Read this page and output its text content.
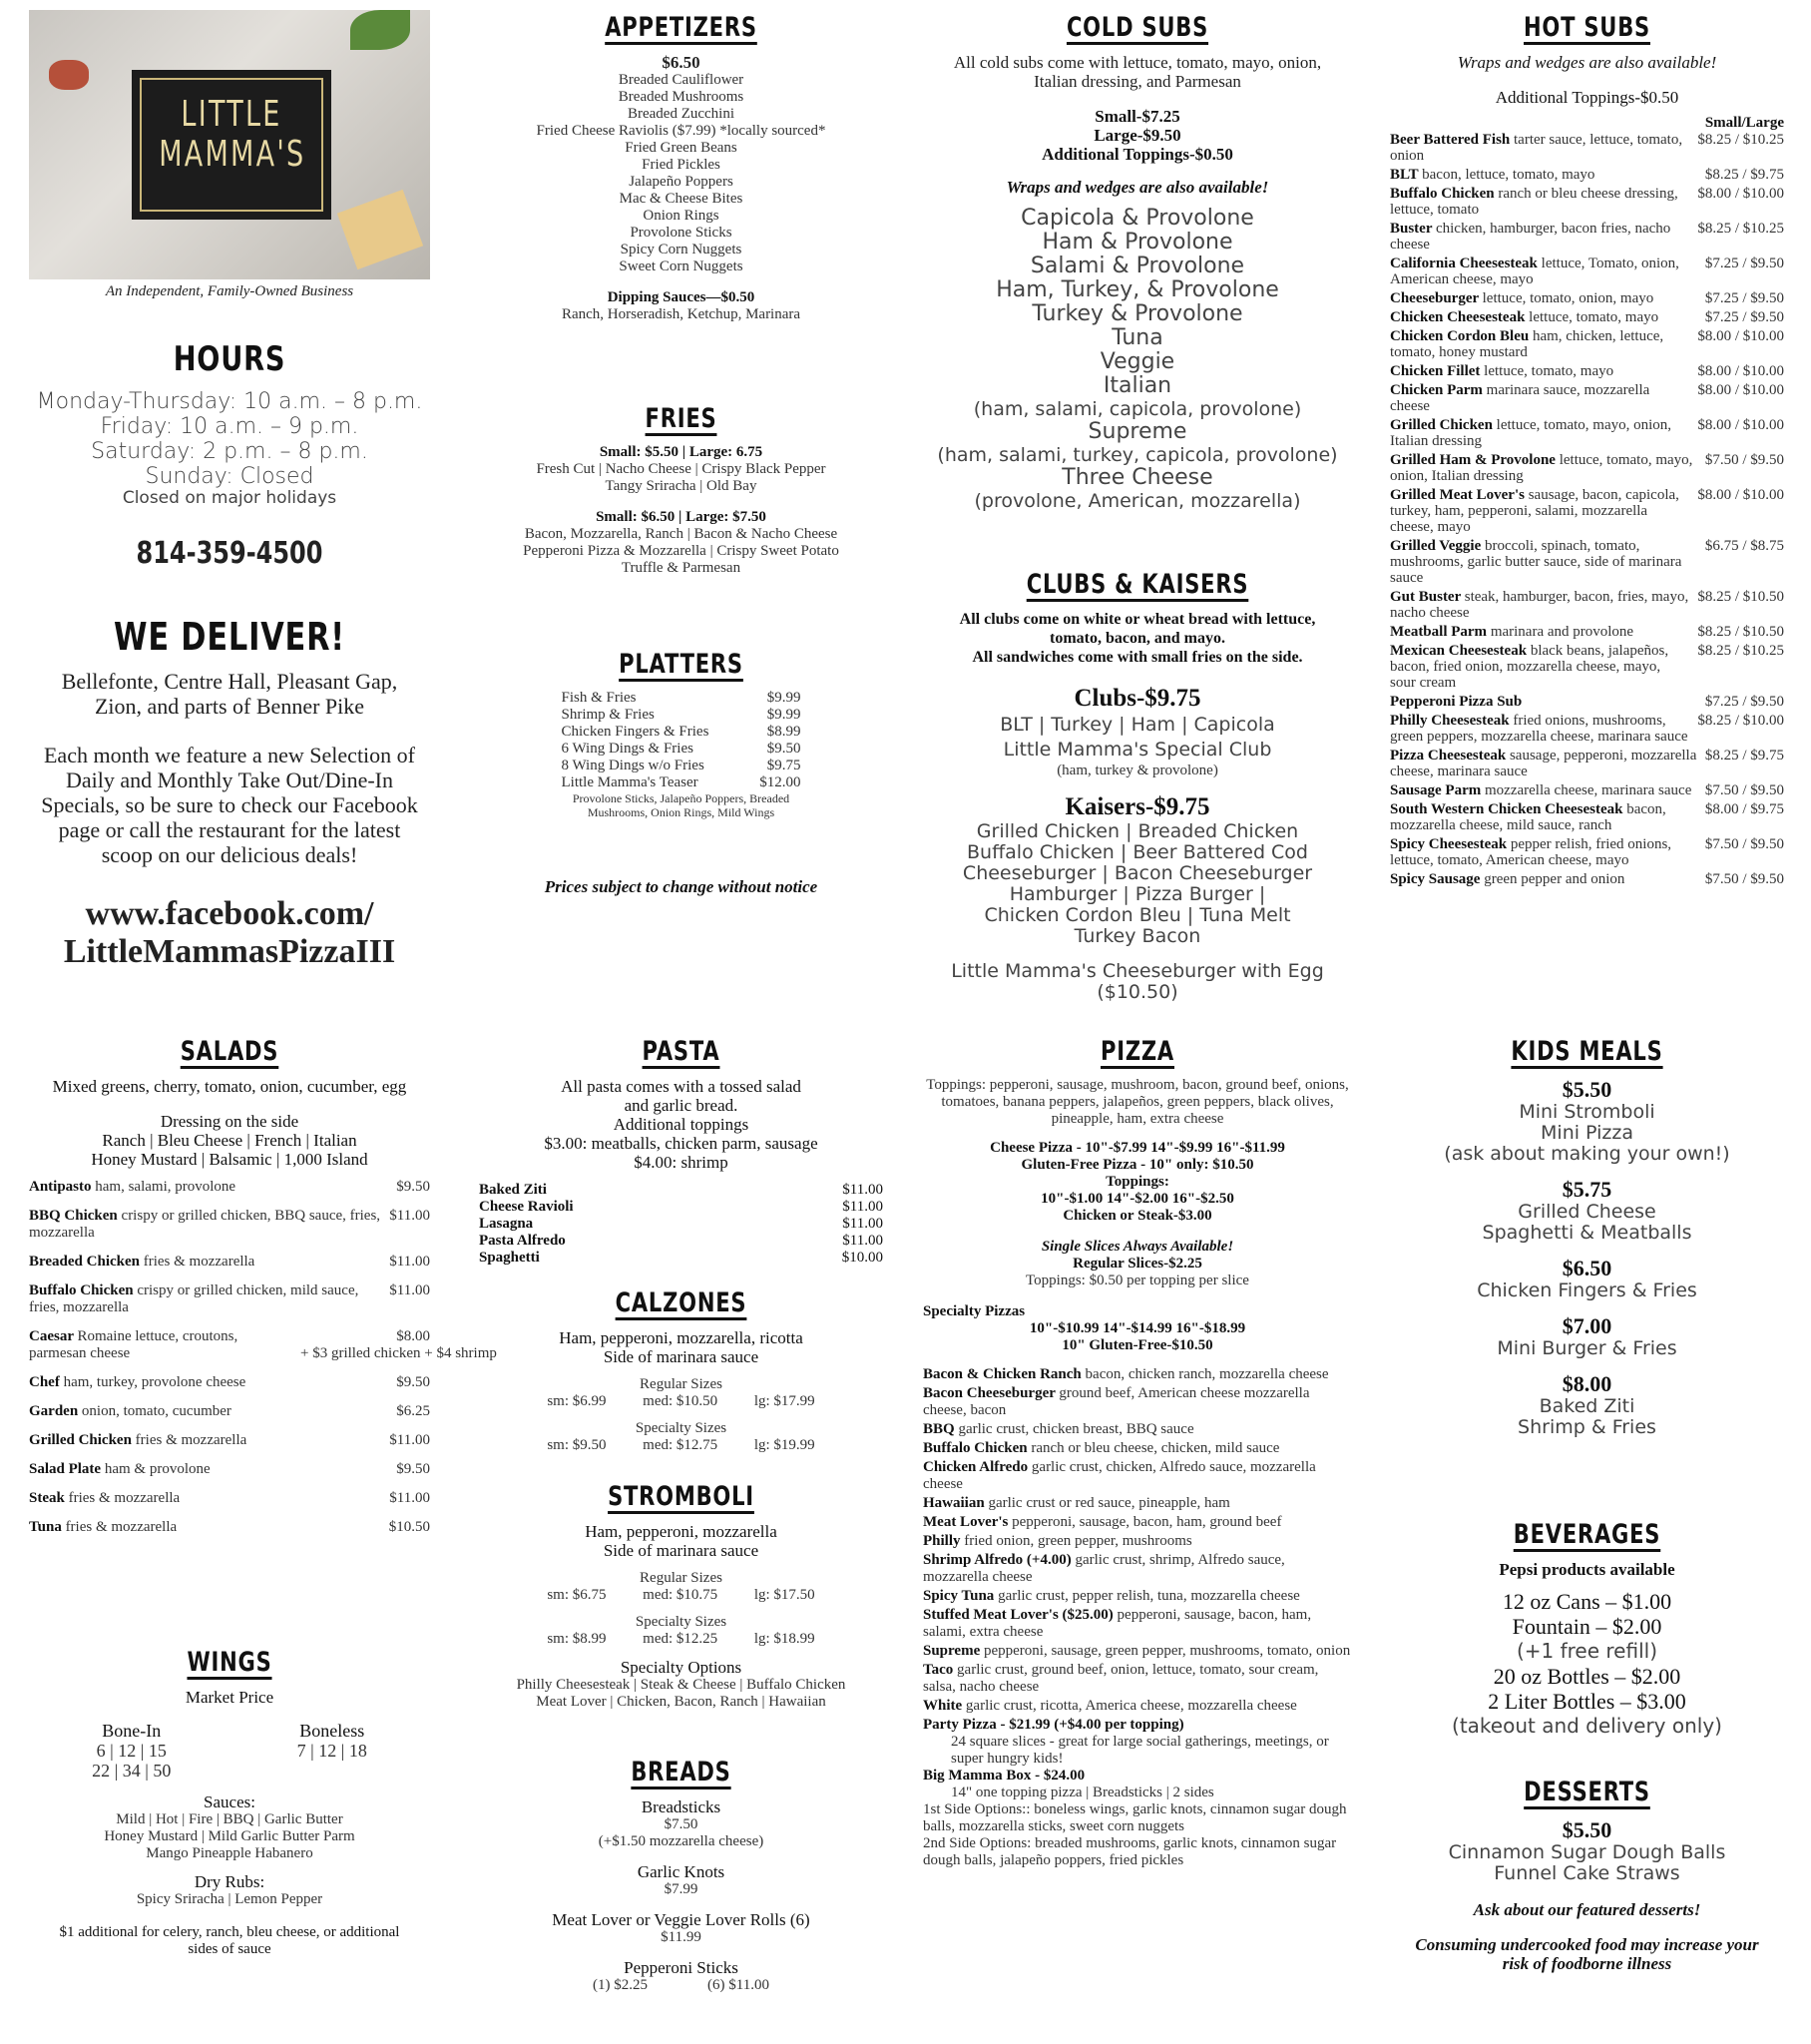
LITTLE
MAMMA'S
An Independent, Family-Owned Business
HOURS
Monday-Thursday: 10 a.m. – 8 p.m.
Friday: 10 a.m. – 9 p.m.
Saturday: 2 p.m. – 8 p.m.
Sunday: Closed
Closed on major holidays
814-359-4500
WE DELIVER!
Bellefonte, Centre Hall, Pleasant Gap, Zion, and parts of Benner Pike
Each month we feature a new Selection of Daily and Monthly Take Out/Dine-In Specials, so be sure to check our Facebook page or call the restaurant for the latest scoop on our delicious deals!
www.facebook.com/
LittleMammasPizzaIII
APPETIZERS
$6.50
Breaded Cauliflower
Breaded Mushrooms
Breaded Zucchini
Fried Cheese Raviolis ($7.99) *locally sourced*
Fried Green Beans
Fried Pickles
Jalapeño Poppers
Mac & Cheese Bites
Onion Rings
Provolone Sticks
Spicy Corn Nuggets
Sweet Corn Nuggets
Dipping Sauces—$0.50
Ranch, Horseradish, Ketchup, Marinara
FRIES
Small: $5.50 | Large: 6.75
Fresh Cut | Nacho Cheese | Crispy Black Pepper
Tangy Sriracha | Old Bay
Small: $6.50 | Large: $7.50
Bacon, Mozzarella, Ranch | Bacon & Nacho Cheese
Pepperoni Pizza & Mozzarella | Crispy Sweet Potato
Truffle & Parmesan
PLATTERS
Fish & Fries	$9.99
Shrimp & Fries	$9.99
Chicken Fingers & Fries	$8.99
6 Wing Dings & Fries	$9.50
8 Wing Dings w/o Fries	$9.75
Little Mamma's Teaser	$12.00
Provolone Sticks, Jalapeño Poppers, Breaded Mushrooms, Onion Rings, Mild Wings
Prices subject to change without notice
COLD SUBS
All cold subs come with lettuce, tomato, mayo, onion, Italian dressing, and Parmesan
Small-$7.25
Large-$9.50
Additional Toppings-$0.50
Wraps and wedges are also available!
Capicola & Provolone
Ham & Provolone
Salami & Provolone
Ham, Turkey, & Provolone
Turkey & Provolone
Tuna
Veggie
Italian
(ham, salami, capicola, provolone)
Supreme
(ham, salami, turkey, capicola, provolone)
Three Cheese
(provolone, American, mozzarella)
CLUBS & KAISERS
All clubs come on white or wheat bread with lettuce, tomato, bacon, and mayo.
All sandwiches come with small fries on the side.
Clubs-$9.75
BLT | Turkey | Ham | Capicola
Little Mamma's Special Club
(ham, turkey & provolone)
Kaisers-$9.75
Grilled Chicken | Breaded Chicken
Buffalo Chicken | Beer Battered Cod
Cheeseburger | Bacon Cheeseburger
Hamburger | Pizza Burger |
Chicken Cordon Bleu | Tuna Melt
Turkey Bacon
Little Mamma's Cheeseburger with Egg
($10.50)
HOT SUBS
Wraps and wedges are also available!
Additional Toppings-$0.50
Small/Large
Beer Battered Fish tarter sauce, lettuce, tomato, onion
$8.25 / $10.25
BLT bacon, lettuce, tomato, mayo	$8.25 / $9.75
Buffalo Chicken ranch or bleu cheese dressing, lettuce, tomato
$8.00 / $10.00
Buster chicken, hamburger, bacon fries, nacho cheese
$8.25 / $10.25
California Cheesesteak lettuce, Tomato, onion, American cheese, mayo
$7.25 / $9.50
Cheeseburger lettuce, tomato, onion, mayo	$7.25 / $9.50
Chicken Cheesesteak lettuce, tomato, mayo	$7.25 / $9.50
Chicken Cordon Bleu ham, chicken, lettuce, tomato, honey mustard
$8.00 / $10.00
Chicken Fillet lettuce, tomato, mayo	$8.00 / $10.00
Chicken Parm marinara sauce, mozzarella cheese
$8.00 / $10.00
Grilled Chicken lettuce, tomato, mayo, onion, Italian dressing
$8.00 / $10.00
Grilled Ham & Provolone lettuce, tomato, mayo, onion, Italian dressing
$7.50 / $9.50
Grilled Meat Lover's sausage, bacon, capicola, turkey, ham, pepperoni, salami, mozzarella cheese, mayo
$8.00 / $10.00
Grilled Veggie broccoli, spinach, tomato, mushrooms, garlic butter sauce, side of marinara sauce
$6.75 / $8.75
Gut Buster steak, hamburger, bacon, fries, mayo, nacho cheese
$8.25 / $10.50
Meatball Parm marinara and provolone	$8.25 / $10.50
Mexican Cheesesteak black beans, jalapeños, bacon, fried onion, mozzarella cheese, mayo, sour cream
$8.25 / $10.25
Pepperoni Pizza Sub	$7.25 / $9.50
Philly Cheesesteak fried onions, mushrooms, green peppers, mozzarella cheese, marinara sauce
$8.25 / $10.00
Pizza Cheesesteak sausage, pepperoni, mozzarella cheese, marinara sauce
$8.25 / $9.75
Sausage Parm mozzarella cheese, marinara sauce $7.50 / $9.50
South Western Chicken Cheesesteak bacon, mozzarella cheese, mild sauce, ranch
$8.00 / $9.75
Spicy Cheesesteak pepper relish, fried onions, lettuce, tomato, American cheese, mayo
$7.50 / $9.50
Spicy Sausage green pepper and onion	$7.50 / $9.50
SALADS
Mixed greens, cherry, tomato, onion, cucumber, egg
Dressing on the side
Ranch | Bleu Cheese | French | Italian
Honey Mustard | Balsamic | 1,000 Island
Antipasto ham, salami, provolone	$9.50
BBQ Chicken crispy or grilled chicken, BBQ sauce, fries, mozzarella
$11.00
Breaded Chicken fries & mozzarella	$11.00
Buffalo Chicken crispy or grilled chicken, mild sauce, fries, mozzarella
$11.00
Caesar Romaine lettuce, croutons, parmesan cheese
$8.00
+ $3 grilled chicken + $4 shrimp
Chef ham, turkey, provolone cheese	$9.50
Garden onion, tomato, cucumber	$6.25
Grilled Chicken fries & mozzarella	$11.00
Salad Plate ham & provolone	$9.50
Steak fries & mozzarella	$11.00
Tuna fries & mozzarella	$10.50
WINGS
Market Price
Bone-In
6 | 12 | 15
22 | 34 | 50
Boneless
7 | 12 | 18
Sauces:
Mild | Hot | Fire | BBQ | Garlic Butter
Honey Mustard | Mild Garlic Butter Parm
Mango Pineapple Habanero
Dry Rubs:
Spicy Sriracha | Lemon Pepper
$1 additional for celery, ranch, bleu cheese, or additional sides of sauce
PASTA
All pasta comes with a tossed salad
and garlic bread.
Additional toppings
$3.00: meatballs, chicken parm, sausage
$4.00: shrimp
Baked Ziti	$11.00
Cheese Ravioli	$11.00
Lasagna	$11.00
Pasta Alfredo	$11.00
Spaghetti	$10.00
CALZONES
Ham, pepperoni, mozzarella, ricotta
Side of marinara sauce
Regular Sizes
sm: $6.99 med: $10.50 lg: $17.99
Specialty Sizes
sm: $9.50 med: $12.75 lg: $19.99
STROMBOLI
Ham, pepperoni, mozzarella
Side of marinara sauce
Regular Sizes
sm: $6.75 med: $10.75 lg: $17.50
Specialty Sizes
sm: $8.99 med: $12.25 lg: $18.99
Specialty Options
Philly Cheesesteak | Steak & Cheese | Buffalo Chicken
Meat Lover | Chicken, Bacon, Ranch | Hawaiian
BREADS
Breadsticks
$7.50
(+$1.50 mozzarella cheese)
Garlic Knots
$7.99
Meat Lover or Veggie Lover Rolls (6)
$11.99
Pepperoni Sticks
(1) $2.25	(6) $11.00
PIZZA
Toppings: pepperoni, sausage, mushroom, bacon, ground beef, onions, tomatoes, banana peppers, jalapeños, green peppers, black olives, pineapple, ham, extra cheese
Cheese Pizza - 10"-$7.99 14"-$9.99 16"-$11.99
Gluten-Free Pizza - 10" only: $10.50
Toppings:
10"-$1.00 14"-$2.00 16"-$2.50
Chicken or Steak-$3.00
Single Slices Always Available!
Regular Slices-$2.25
Toppings: $0.50 per topping per slice
Specialty Pizzas
10"-$10.99 14"-$14.99 16"-$18.99
10" Gluten-Free-$10.50
Bacon & Chicken Ranch bacon, chicken ranch, mozzarella cheese
Bacon Cheeseburger ground beef, American cheese mozzarella cheese, bacon
BBQ garlic crust, chicken breast, BBQ sauce
Buffalo Chicken ranch or bleu cheese, chicken, mild sauce
Chicken Alfredo garlic crust, chicken, Alfredo sauce, mozzarella cheese
Hawaiian garlic crust or red sauce, pineapple, ham
Meat Lover's pepperoni, sausage, bacon, ham, ground beef
Philly fried onion, green pepper, mushrooms
Shrimp Alfredo (+4.00) garlic crust, shrimp, Alfredo sauce, mozzarella cheese
Spicy Tuna garlic crust, pepper relish, tuna, mozzarella cheese
Stuffed Meat Lover's ($25.00) pepperoni, sausage, bacon, ham, salami, extra cheese
Supreme pepperoni, sausage, green pepper, mushrooms, tomato, onion
Taco garlic crust, ground beef, onion, lettuce, tomato, sour cream, salsa, nacho cheese
White garlic crust, ricotta, America cheese, mozzarella cheese
Party Pizza - $21.99 (+$4.00 per topping)
24 square slices - great for large social gatherings, meetings, or super hungry kids!
Big Mamma Box - $24.00
14" one topping pizza | Breadsticks | 2 sides
1st Side Options:: boneless wings, garlic knots, cinnamon sugar dough balls, mozzarella sticks, sweet corn nuggets
2nd Side Options: breaded mushrooms, garlic knots, cinnamon sugar dough balls, jalapeño poppers, fried pickles
KIDS MEALS
$5.50
Mini Stromboli
Mini Pizza
(ask about making your own!)
$5.75
Grilled Cheese
Spaghetti & Meatballs
$6.50
Chicken Fingers & Fries
$7.00
Mini Burger & Fries
$8.00
Baked Ziti
Shrimp & Fries
BEVERAGES
Pepsi products available
12 oz Cans – $1.00
Fountain – $2.00
(+1 free refill)
20 oz Bottles – $2.00
2 Liter Bottles – $3.00
(takeout and delivery only)
DESSERTS
$5.50
Cinnamon Sugar Dough Balls
Funnel Cake Straws
Ask about our featured desserts!
Consuming undercooked food may increase your risk of foodborne illness
